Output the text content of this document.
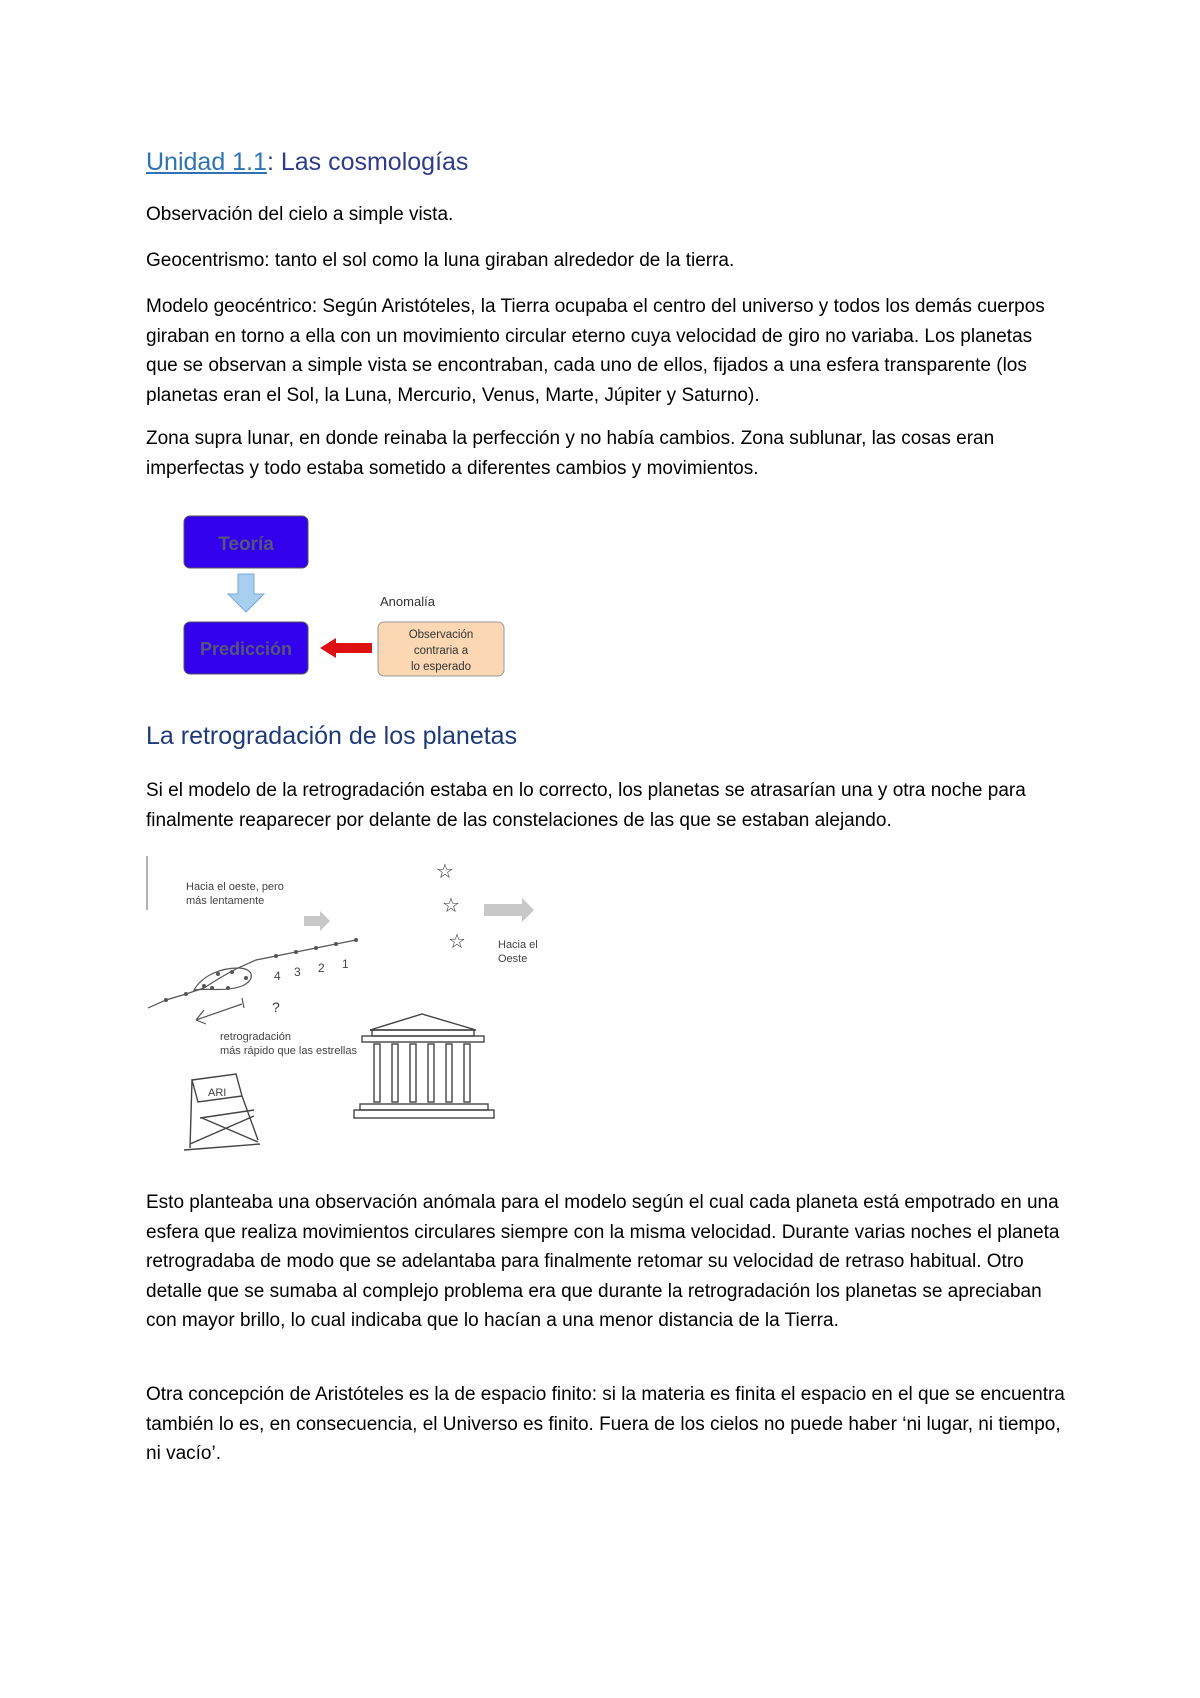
Unidad 1.1: Las cosmologías

Observación del cielo a simple vista.

Geocentrismo: tanto el sol como la luna giraban alrededor de la tierra.

Modelo geocéntrico: Según Aristóteles, la Tierra ocupaba el centro del universo y todos los demás cuerpos giraban en torno a ella con un movimiento circular eterno cuya velocidad de giro no variaba. Los planetas que se observan a simple vista se encontraban, cada uno de ellos, fijados a una esfera transparente (los planetas eran el Sol, la Luna, Mercurio, Venus, Marte, Júpiter y Saturno).

Zona supra lunar, en donde reinaba la perfección y no había cambios. Zona sublunar, las cosas eran imperfectas y todo estaba sometido a diferentes cambios y movimientos.

Teoría
Predicción
Anomalía
Observación
contraria a
lo esperado
La retrogradación de los planetas

Si el modelo de la retrogradación estaba en lo correcto, los planetas se atrasarían una y otra noche para finalmente reaparecer por delante de las constelaciones de las que se estaban alejando.

Hacia el oeste, pero
más lentamente
☆
☆
☆	Hacia el
Oeste
4 3 2 1
?
retrogradación
más rápido que las estrellas
ARI

Esto planteaba una observación anómala para el modelo según el cual cada planeta está empotrado en una esfera que realiza movimientos circulares siempre con la misma velocidad. Durante varias noches el planeta retrogradaba de modo que se adelantaba para finalmente retomar su velocidad de retraso habitual. Otro detalle que se sumaba al complejo problema era que durante la retrogradación los planetas se apreciaban con mayor brillo, lo cual indicaba que lo hacían a una menor distancia de la Tierra.

Otra concepción de Aristóteles es la de espacio finito: si la materia es finita el espacio en el que se encuentra también lo es, en consecuencia, el Universo es finito. Fuera de los cielos no puede haber ‘ni lugar, ni tiempo, ni vacío’.
